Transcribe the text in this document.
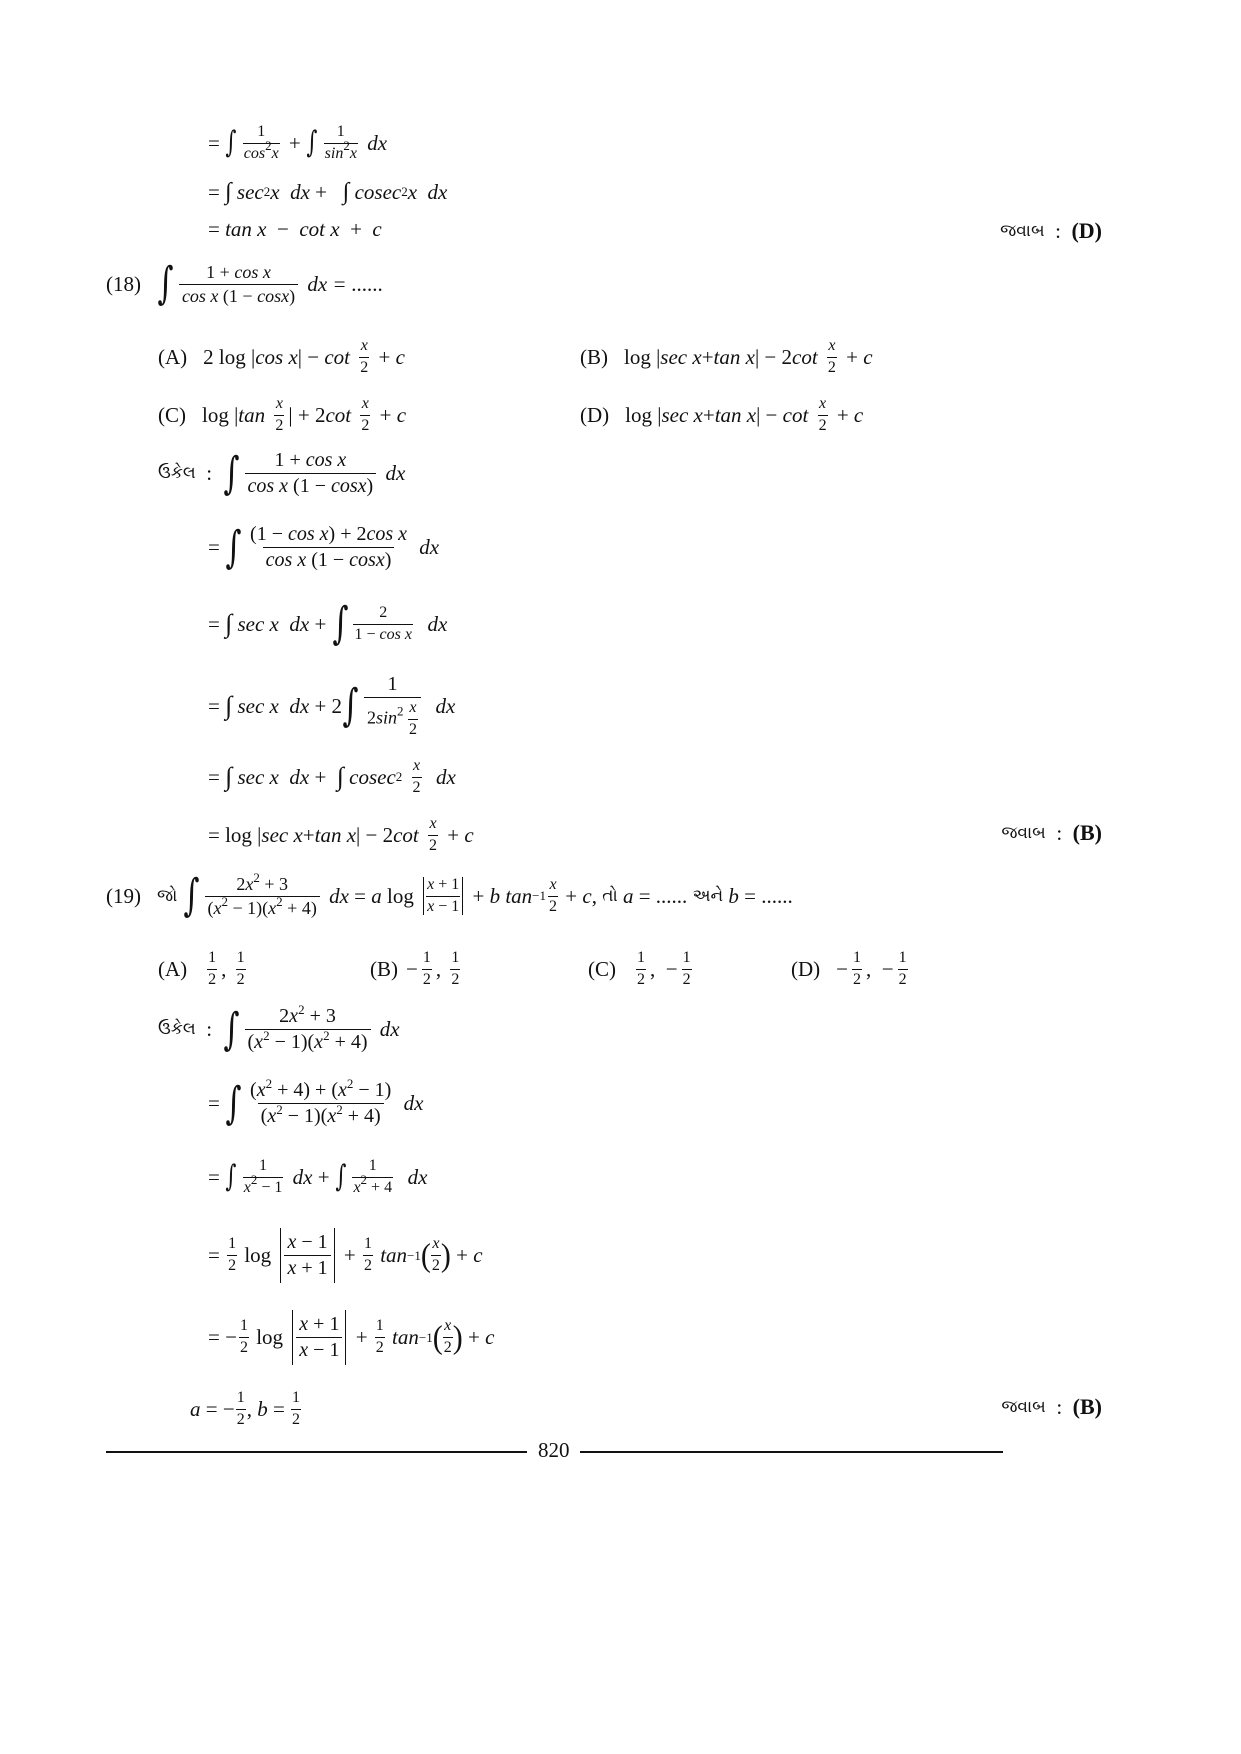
= ∫ 1
$\cos^2x$ + ∫ 1
$\sin^2x$
dx
= ∫
sec 2 x
dx + ∫
cosec 2 x
dx
= tan x − cot x + c	જવાબ : (D)
(18) ∫ 1 + cos x
cos x (1 − cosx)
dx = ......
(A) 2 log | cos x | − cot
x
2 + c	(B) log | sec x + tan x | − 2 cot
x
2 + c
(C) log | tan
x
2 | + 2 cot
x
2 + c	(D) log | sec x + tan x | − cot
x
2 + c
ઉકેલ : ∫ 1 + cos x
cos x (1 − cosx)

dx
= ∫ (1 − cos x) + 2cos x
cos x (1 − cosx)

dx
= ∫
sec x
dx + ∫ 2
1 − cos x
dx
= ∫
sec x
dx + 2 ∫ 1
$2\sin^2 \frac{x}{2}$
dx
= ∫
sec x
dx + ∫
cosec 2

x
2
dx
= log | sec x + tan x | − 2 cot
x
2 + c	જવાબ : (B)
(19) જો
∫ $2x^2 + 3$
$(x^2 - 1)(x^2 + 4)$
dx = a $\log \frac{x + 1}{x - 1} + b$
tan −1
x
2 + c , તો
a = ...... અને
b = ......
(A) 1
2 , 1
2	(B) − 1
2 , 1
2	(C) 1
2 ,  − 1
2	(D) − 1
2 ,  − 1
2
ઉકેલ : ∫ $2x^2 + 3$
$(x^2 - 1)(x^2 + 4)$

dx
= ∫ $(x^2 + 4) + (x^2 - 1)$
$(x^2 - 1)(x^2 + 4)$

dx
= ∫ 1
$x^2 - 1$
dx + ∫ 1
$x^2 + 4$
dx
= 1
2 $\log \frac{x - 1}{x + 1} + 1$
2
tan −1 ( x
2 ) + c
= − 1
2 $\log \frac{x + 1}{x - 1} + 1$
2
tan −1 ( x
2 ) + c
a = − 1
2 , b = 1
2
જવાબ : (B)
820
